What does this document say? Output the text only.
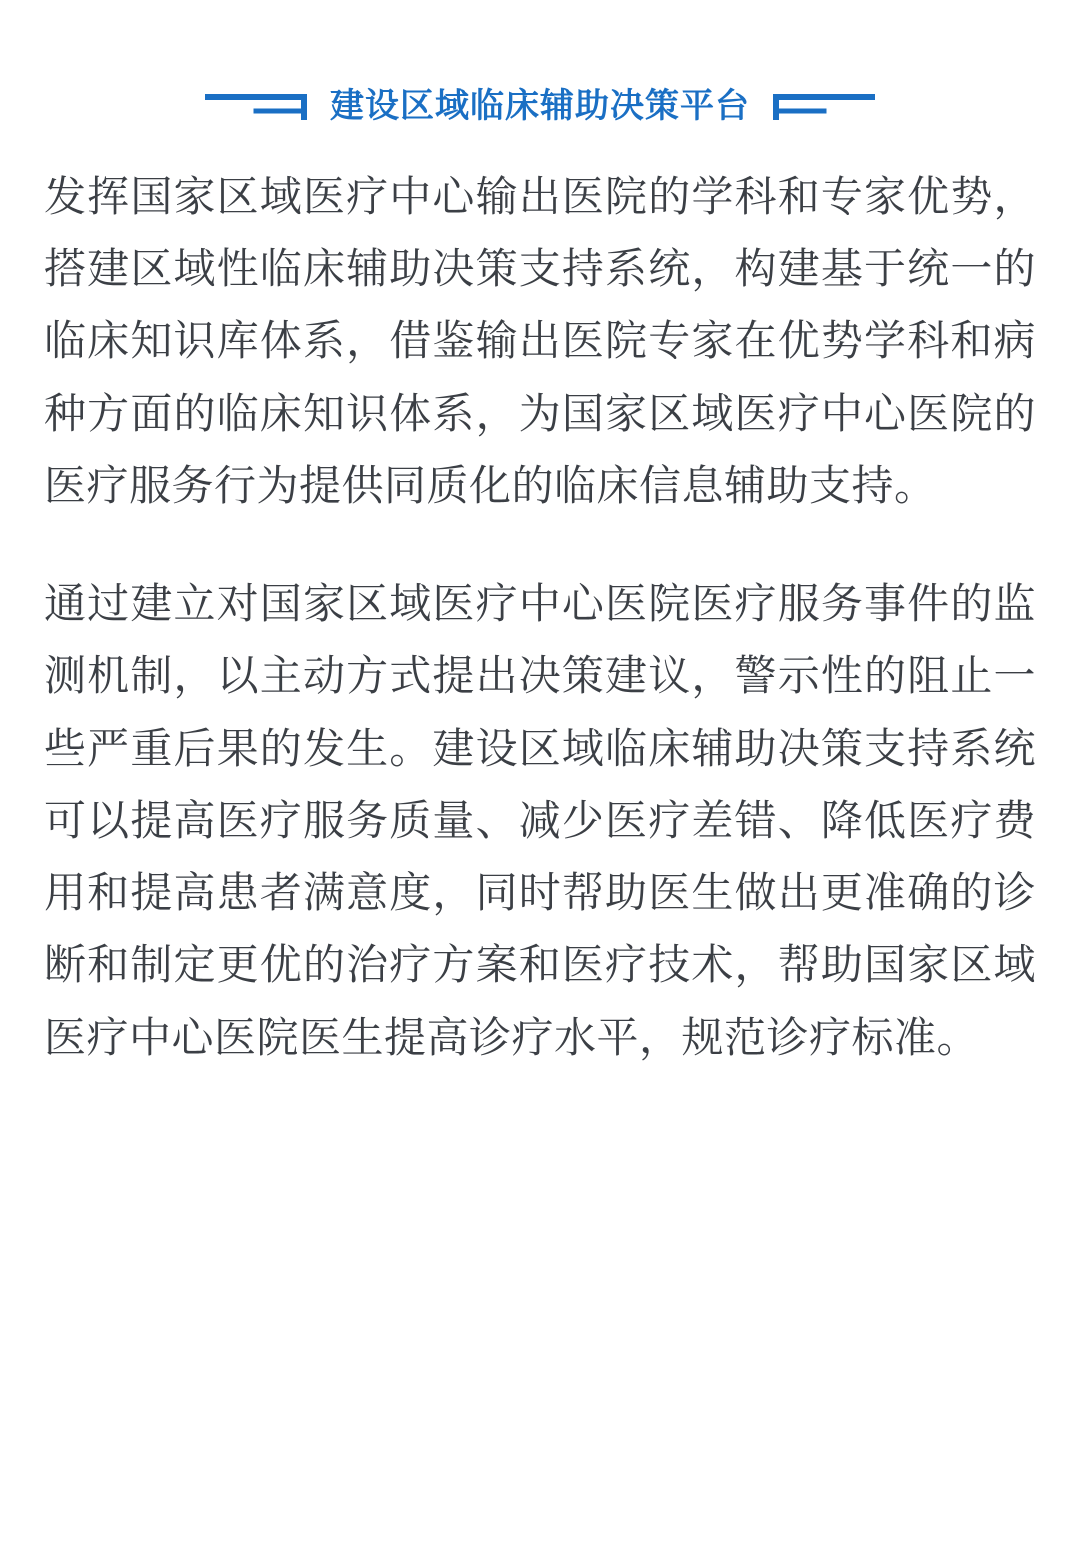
建设区域临床辅助决策平台

发挥国家区域医疗中心输出医院的学科和专家优势，搭建区域性临床辅助决策支持系统，构建基于统一的临床知识库体系，借鉴输出医院专家在优势学科和病种方面的临床知识体系，为国家区域医疗中心医院的医疗服务行为提供同质化的临床信息辅助支持。

通过建立对国家区域医疗中心医院医疗服务事件的监测机制，以主动方式提出决策建议，警示性的阻止一些严重后果的发生。建设区域临床辅助决策支持系统可以提高医疗服务质量、减少医疗差错、降低医疗费用和提高患者满意度，同时帮助医生做出更准确的诊断和制定更优的治疗方案和医疗技术，帮助国家区域医疗中心医院医生提高诊疗水平，规范诊疗标准。
